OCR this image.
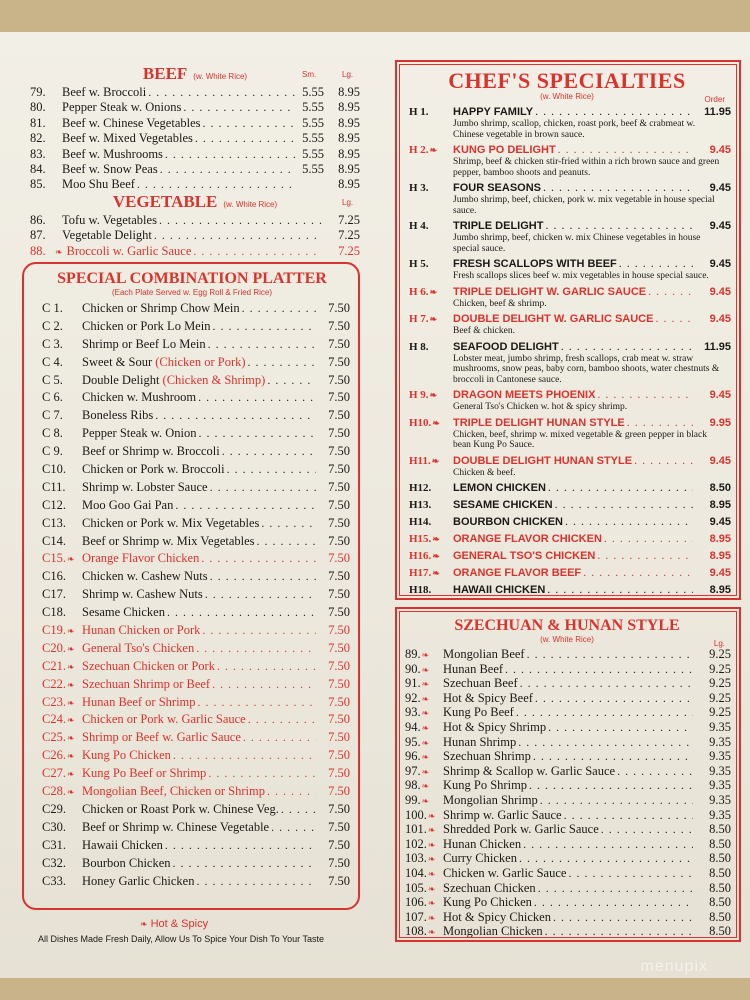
BEEF (w. White Rice)	Sm.	Lg.
79.	Beef w. Broccoli . . .	5.55	8.95
80.	Pepper Steak w. Onions . . .	5.55	8.95
81.	Beef w. Chinese Vegetables . . .	5.55	8.95
82.	Beef w. Mixed Vegetables . . .	5.55	8.95
83.	Beef w. Mushrooms . . .	5.55	8.95
84.	Beef w. Snow Peas . . .	5.55	8.95
85.	Moo Shu Beef . . .	8.95
VEGETABLE (w. White Rice)	Lg.
86.	Tofu w. Vegetables . . .	7.25
87.	Vegetable Delight . . .	7.25
88.	❧ Broccoli w. Garlic Sauce . . .	7.25
SPECIAL COMBINATION PLATTER
(Each Plate Served w. Egg Roll & Fried Rice)
C 1. Chicken or Shrimp Chow Mein . . .	7.50
C 2. Chicken or Pork Lo Mein . . .	7.50
C 3. Shrimp or Beef Lo Mein . . .	7.50
C 4. Sweet & Sour (Chicken or Pork) . . .	7.50
C 5. Double Delight (Chicken & Shrimp) . . .	7.50
C 6. Chicken w. Mushroom . . .	7.50
C 7. Boneless Ribs . . .	7.50
C 8. Pepper Steak w. Onion . . .	7.50
C 9. Beef or Shrimp w. Broccoli . . .	7.50
C10. Chicken or Pork w. Broccoli . . .	7.50
C11. Shrimp w. Lobster Sauce . . .	7.50
C12. Moo Goo Gai Pan . . .	7.50
C13. Chicken or Pork w. Mix Vegetables . . .	7.50
C14. Beef or Shrimp w. Mix Vegetables . . .	7.50
C15. ❧ Orange Flavor Chicken . . .	7.50
C16. Chicken w. Cashew Nuts . . .	7.50
C17. Shrimp w. Cashew Nuts . . .	7.50
C18. Sesame Chicken . . .	7.50
C19. ❧ Hunan Chicken or Pork . . .	7.50
C20. ❧ General Tso's Chicken . . .	7.50
C21. ❧ Szechuan Chicken or Pork . . .	7.50
C22. ❧ Szechuan Shrimp or Beef . . .	7.50
C23. ❧ Hunan Beef or Shrimp . . .	7.50
C24. ❧ Chicken or Pork w. Garlic Sauce . . .	7.50
C25. ❧ Shrimp or Beef w. Garlic Sauce . . .	7.50
C26. ❧ Kung Po Chicken . . .	7.50
C27. ❧ Kung Po Beef or Shrimp . . .	7.50
C28. ❧ Mongolian Beef, Chicken or Shrimp . . .	7.50
C29. Chicken or Roast Pork w. Chinese Veg. . . .	7.50
C30. Beef or Shrimp w. Chinese Vegetable . . .	7.50
C31. Hawaii Chicken . . .	7.50
C32. Bourbon Chicken . . .	7.50
C33. Honey Garlic Chicken . . .	7.50
CHEF'S SPECIALTIES
(w. White Rice)	Order
H 1. HAPPY FAMILY . . .	11.95
Jumbo shrimp, scallop, chicken, roast pork, beef & crabmeat w. Chinese vegetable in brown sauce.
H 2. ❧ KUNG PO DELIGHT . . .	9.45
Shrimp, beef & chicken stir-fried within a rich brown sauce and green pepper, bamboo shoots and peanuts.
H 3. FOUR SEASONS . . .	9.45
Jumbo shrimp, beef, chicken, pork w. mix vegetable in house special sauce.
H 4. TRIPLE DELIGHT . . .	9.45
Jumbo shrimp, beef, chicken w. mix Chinese vegetables in house special sauce.
H 5. FRESH SCALLOPS WITH BEEF . . .	9.45
Fresh scallops slices beef w. mix vegetables in house special sauce.
H 6. ❧ TRIPLE DELIGHT W. GARLIC SAUCE . . .	9.45
Chicken, beef & shrimp.
H 7. ❧ DOUBLE DELIGHT W. GARLIC SAUCE . . .	9.45
Beef & chicken.
H 8. SEAFOOD DELIGHT . . .	11.95
Lobster meat, jumbo shrimp, fresh scallops, crab meat w. straw mushrooms, snow peas, baby corn, bamboo shoots, water chestnuts & broccoli in Cantonese sauce.
H 9. ❧ DRAGON MEETS PHOENIX . . .	9.45
General Tso's Chicken w. hot & spicy shrimp.
H10. ❧ TRIPLE DELIGHT HUNAN STYLE . . .	9.95
Chicken, beef, shrimp w. mixed vegetable & green pepper in black bean Kung Po Sauce.
H11. ❧ DOUBLE DELIGHT HUNAN STYLE . . .	9.45
Chicken & beef.
H12. LEMON CHICKEN . . .	8.50
H13. SESAME CHICKEN . . .	8.95
H14. BOURBON CHICKEN . . .	9.45
H15. ❧ ORANGE FLAVOR CHICKEN . . .	8.95
H16. ❧ GENERAL TSO'S CHICKEN . . .	8.95
H17. ❧ ORANGE FLAVOR BEEF . . .	9.45
H18. HAWAII CHICKEN . . .	8.95
SZECHUAN & HUNAN STYLE
(w. White Rice)	Lg.
89. ❧ Mongolian Beef . . .	9.25
90. ❧ Hunan Beef . . .	9.25
91. ❧ Szechuan Beef . . .	9.25
92. ❧ Hot & Spicy Beef . . .	9.25
93. ❧ Kung Po Beef . . .	9.25
94. ❧ Hot & Spicy Shrimp . . .	9.35
95. ❧ Hunan Shrimp . . .	9.35
96. ❧ Szechuan Shrimp . . .	9.35
97. ❧ Shrimp & Scallop w. Garlic Sauce . . .	9.35
98. ❧ Kung Po Shrimp . . .	9.35
99. ❧ Mongolian Shrimp . . .	9.35
100. ❧ Shrimp w. Garlic Sauce . . .	9.35
101. ❧ Shredded Pork w. Garlic Sauce . . .	8.50
102. ❧ Hunan Chicken . . .	8.50
103. ❧ Curry Chicken . . .	8.50
104. ❧ Chicken w. Garlic Sauce . . .	8.50
105. ❧ Szechuan Chicken . . .	8.50
106. ❧ Kung Po Chicken . . .	8.50
107. ❧ Hot & Spicy Chicken . . .	8.50
108. ❧ Mongolian Chicken . . .	8.50
❧ Hot & Spicy
All Dishes Made Fresh Daily, Allow Us To Spice Your Dish To Your Taste
menupix
